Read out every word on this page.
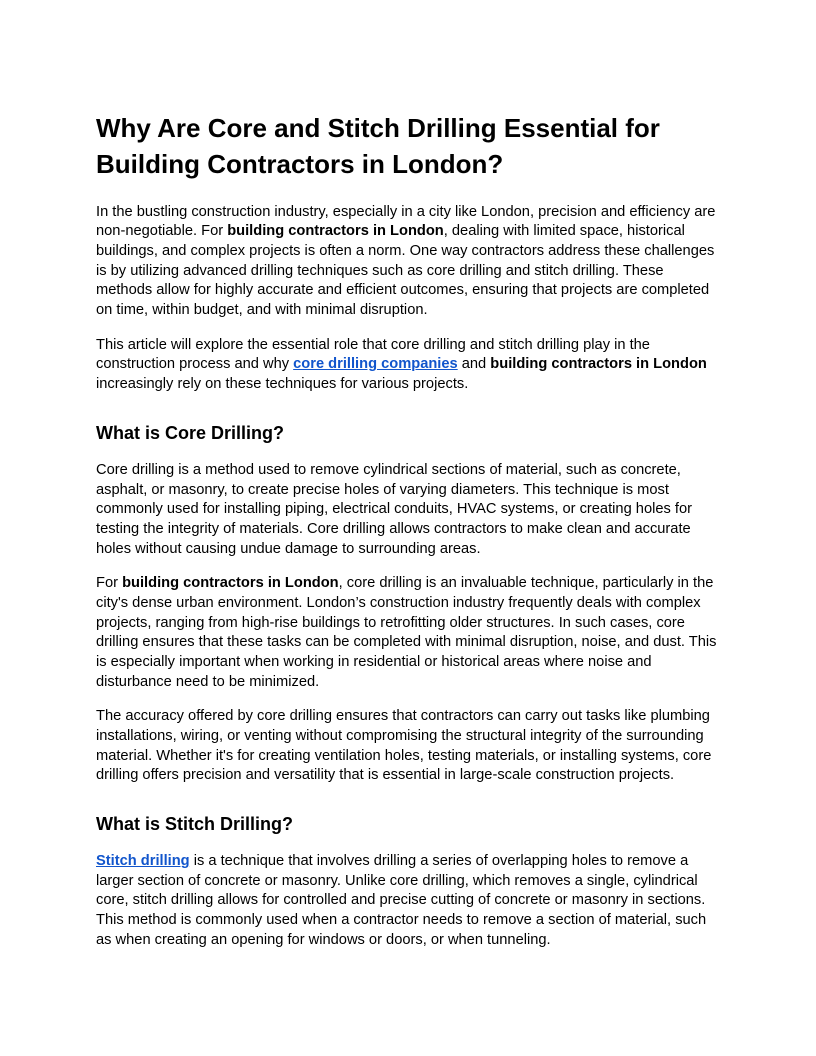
Why Are Core and Stitch Drilling Essential for Building Contractors in London?

In the bustling construction industry, especially in a city like London, precision and efficiency are non-negotiable. For building contractors in London, dealing with limited space, historical buildings, and complex projects is often a norm. One way contractors address these challenges is by utilizing advanced drilling techniques such as core drilling and stitch drilling. These methods allow for highly accurate and efficient outcomes, ensuring that projects are completed on time, within budget, and with minimal disruption.

This article will explore the essential role that core drilling and stitch drilling play in the construction process and why core drilling companies and building contractors in London increasingly rely on these techniques for various projects.

What is Core Drilling?

Core drilling is a method used to remove cylindrical sections of material, such as concrete, asphalt, or masonry, to create precise holes of varying diameters. This technique is most commonly used for installing piping, electrical conduits, HVAC systems, or creating holes for testing the integrity of materials. Core drilling allows contractors to make clean and accurate holes without causing undue damage to surrounding areas.

For building contractors in London, core drilling is an invaluable technique, particularly in the city's dense urban environment. London’s construction industry frequently deals with complex projects, ranging from high-rise buildings to retrofitting older structures. In such cases, core drilling ensures that these tasks can be completed with minimal disruption, noise, and dust. This is especially important when working in residential or historical areas where noise and disturbance need to be minimized.

The accuracy offered by core drilling ensures that contractors can carry out tasks like plumbing installations, wiring, or venting without compromising the structural integrity of the surrounding material. Whether it's for creating ventilation holes, testing materials, or installing systems, core drilling offers precision and versatility that is essential in large-scale construction projects.

What is Stitch Drilling?

Stitch drilling is a technique that involves drilling a series of overlapping holes to remove a larger section of concrete or masonry. Unlike core drilling, which removes a single, cylindrical core, stitch drilling allows for controlled and precise cutting of concrete or masonry in sections. This method is commonly used when a contractor needs to remove a section of material, such as when creating an opening for windows or doors, or when tunneling.
